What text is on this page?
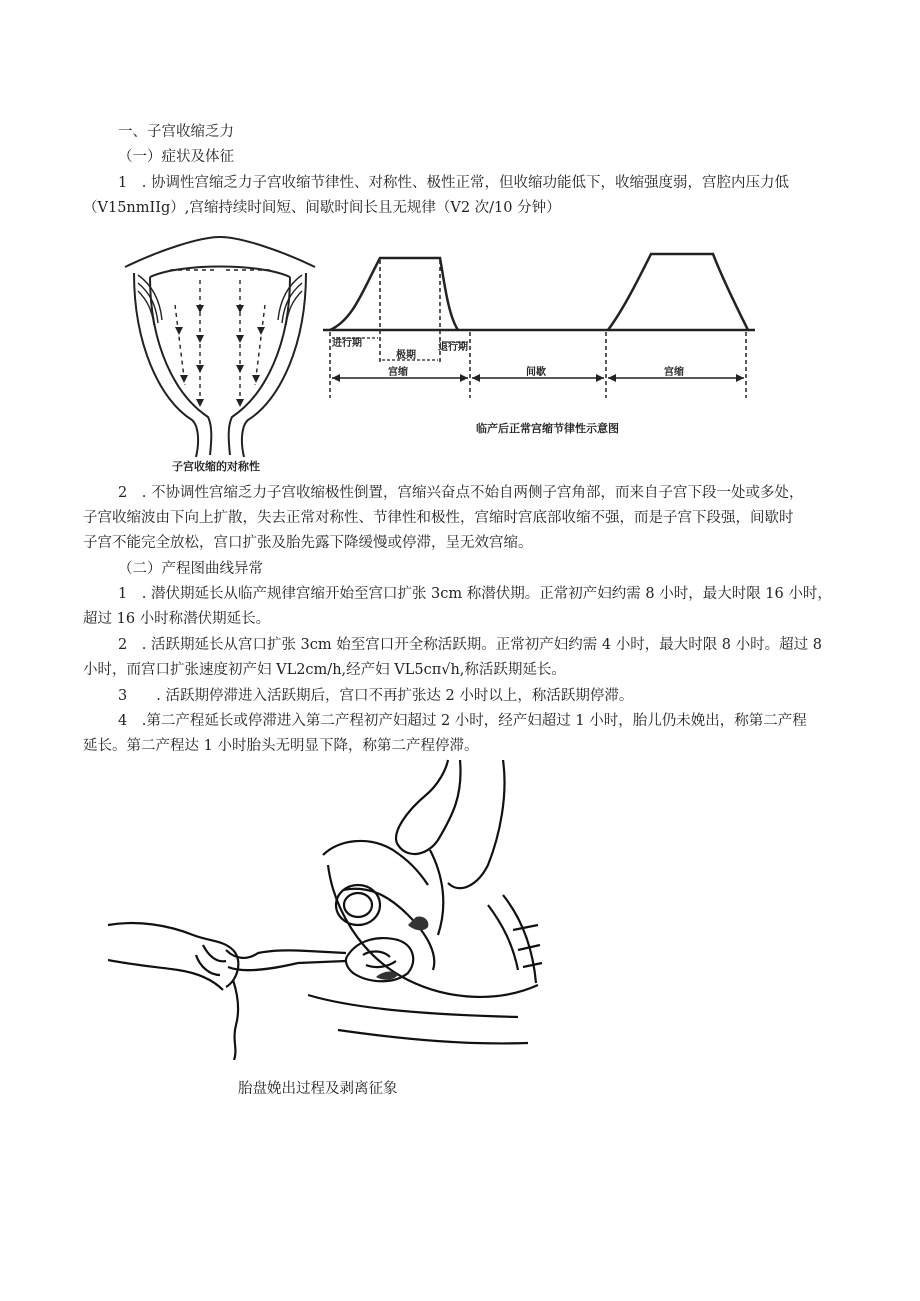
一、子宫收缩乏力
（一）症状及体征
1　. 协调性宫缩乏力子宫收缩节律性、对称性、极性正常，但收缩功能低下，收缩强度弱，宫腔内压力低
（V15nmIIg）,宫缩持续时间短、间歇时间长且无规律（V2 次/10 分钟）
子宫收缩的对称性
进行期
极期
退行期
宫缩	间歇	宫缩
临产后正常宫缩节律性示意图
2　. 不协调性宫缩乏力子宫收缩极性倒置，宫缩兴奋点不始自两侧子宫角部，而来自子宫下段一处或多处，
子宫收缩波由下向上扩散，失去正常对称性、节律性和极性，宫缩时宫底部收缩不强，而是子宫下段强，间歇时
子宫不能完全放松，宫口扩张及胎先露下降缓慢或停滞，呈无效宫缩。
（二）产程图曲线异常
1　. 潜伏期延长从临产规律宫缩开始至宫口扩张 3cm 称潜伏期。正常初产妇约需 8 小时，最大时限 16 小时，
超过 16 小时称潜伏期延长。
2　. 活跃期延长从宫口扩张 3cm 始至宫口开全称活跃期。正常初产妇约需 4 小时，最大时限 8 小时。超过 8
小时，而宫口扩张速度初产妇 VL2cm/h,经产妇 VL5cπ√h,称活跃期延长。
3　　. 活跃期停滞进入活跃期后，宫口不再扩张达 2 小时以上，称活跃期停滞。
4　.第二产程延长或停滞进入第二产程初产妇超过 2 小时，经产妇超过 1 小时，胎儿仍未娩出，称第二产程
延长。第二产程达 1 小时胎头无明显下降，称第二产程停滞。
胎盘娩出过程及剥离征象
